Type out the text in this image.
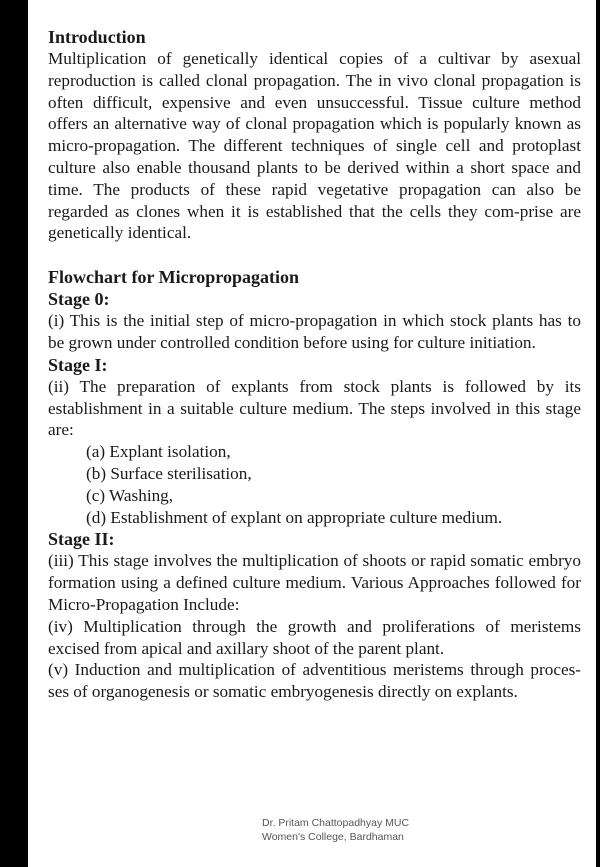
Introduction

Multiplication of genetically identical copies of a cultivar by asexual reproduction is called clonal propagation. The in vivo clonal propagation is often difficult, expensive and even unsuccessful. Tissue culture method offers an alternative way of clonal propagation which is popularly known as micro-propagation. The different techniques of single cell and protoplast culture also enable thousand plants to be derived within a short space and time. The products of these rapid vegetative propagation can also be regarded as clones when it is established that the cells they com-prise are genetically identical.

Flowchart for Micropropagation
Stage 0:

(i) This is the initial step of micro-propagation in which stock plants has to be grown under controlled condition before using for culture initiation.

Stage I:

(ii) The preparation of explants from stock plants is followed by its establishment in a suitable culture medium. The steps involved in this stage are:

(a) Explant isolation,
(b) Surface sterilisation,
(c) Washing,
(d) Establishment of explant on appropriate culture medium.
Stage II:

(iii) This stage involves the multiplication of shoots or rapid somatic embryo formation using a defined culture medium. Various Approaches followed for Micro-Propagation Include:

(iv) Multiplication through the growth and proliferations of meristems excised from apical and axillary shoot of the parent plant.

(v) Induction and multiplication of adventitious meristems through proces-ses of organogenesis or somatic embryogenesis directly on explants.

Dr. Pritam Chattopadhyay MUC
Women's College, Bardhaman
